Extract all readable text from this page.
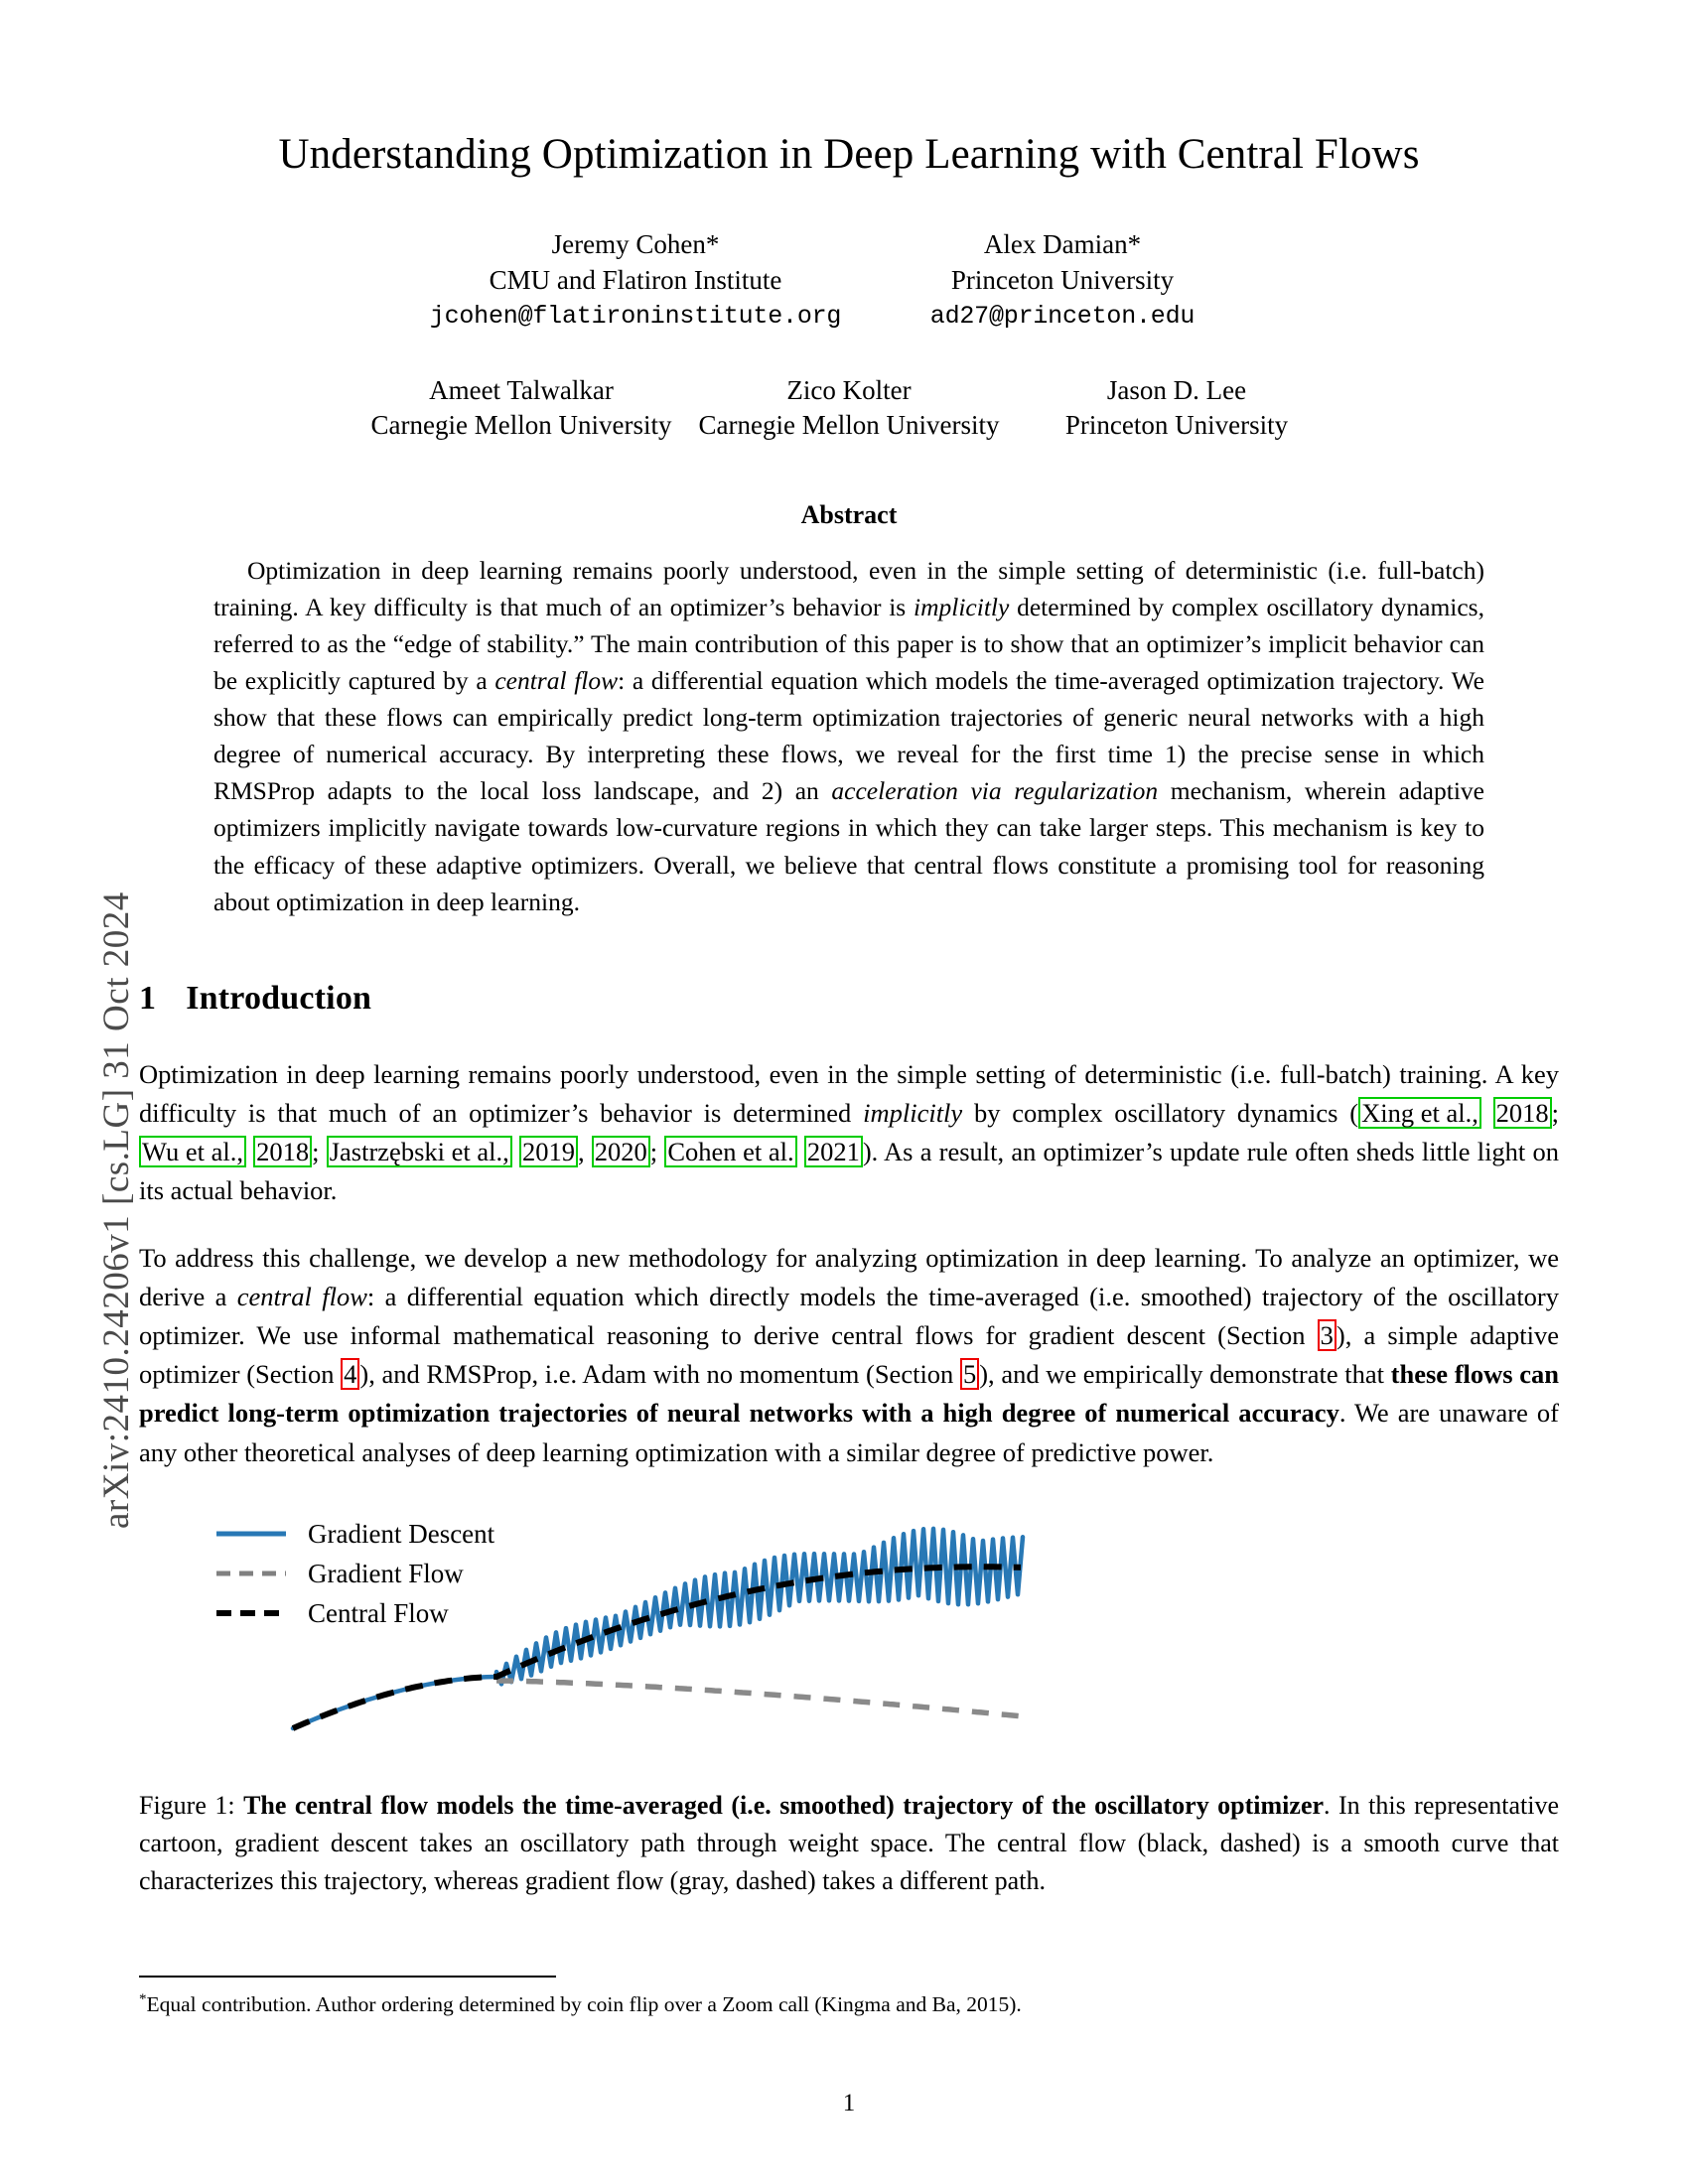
arXiv:2410.24206v1 [cs.LG] 31 Oct 2024
Understanding Optimization in Deep Learning with Central Flows
Jeremy Cohen*
CMU and Flatiron Institute
jcohen@flatironinstitute.org
Alex Damian*
Princeton University
ad27@princeton.edu
Ameet Talwalkar
Carnegie Mellon University
Zico Kolter
Carnegie Mellon University
Jason D. Lee
Princeton University
Abstract
Optimization in deep learning remains poorly understood, even in the simple setting of deterministic (i.e. full-batch) training. A key difficulty is that much of an optimizer’s behavior is implicitly determined by complex oscillatory dynamics, referred to as the “edge of stability.” The main contribution of this paper is to show that an optimizer’s implicit behavior can be explicitly captured by a central flow: a differential equation which models the time-averaged optimization trajectory. We show that these flows can empirically predict long-term optimization trajectories of generic neural networks with a high degree of numerical accuracy. By interpreting these flows, we reveal for the first time 1) the precise sense in which RMSProp adapts to the local loss landscape, and 2) an acceleration via regularization mechanism, wherein adaptive optimizers implicitly navigate towards low-curvature regions in which they can take larger steps. This mechanism is key to the efficacy of these adaptive optimizers. Overall, we believe that central flows constitute a promising tool for reasoning about optimization in deep learning.
1 Introduction

Optimization in deep learning remains poorly understood, even in the simple setting of deterministic (i.e. full-batch) training. A key difficulty is that much of an optimizer’s behavior is determined implicitly by complex oscillatory dynamics ( Xing et al., 2018 ; Wu et al., 2018 ; Jastrzębski et al., 2019 , 2020 ; Cohen et al. 2021 ). As a result, an optimizer’s update rule often sheds little light on its actual behavior.

To address this challenge, we develop a new methodology for analyzing optimization in deep learning. To analyze an optimizer, we derive a central flow: a differential equation which directly models the time-averaged (i.e. smoothed) trajectory of the oscillatory optimizer. We use informal mathematical reasoning to derive central flows for gradient descent (Section 3 ), a simple adaptive optimizer (Section 4 ), and RMSProp, i.e. Adam with no momentum (Section 5 ), and we empirically demonstrate that these flows can predict long-term optimization trajectories of neural networks with a high degree of numerical accuracy. We are unaware of any other theoretical analyses of deep learning optimization with a similar degree of predictive power.

Gradient Descent
Gradient Flow
Central Flow
Figure 1: The central flow models the time-averaged (i.e. smoothed) trajectory of the oscillatory optimizer. In this representative cartoon, gradient descent takes an oscillatory path through weight space. The central flow (black, dashed) is a smooth curve that characterizes this trajectory, whereas gradient flow (gray, dashed) takes a different path.
*Equal contribution. Author ordering determined by coin flip over a Zoom call (Kingma and Ba, 2015).
1
